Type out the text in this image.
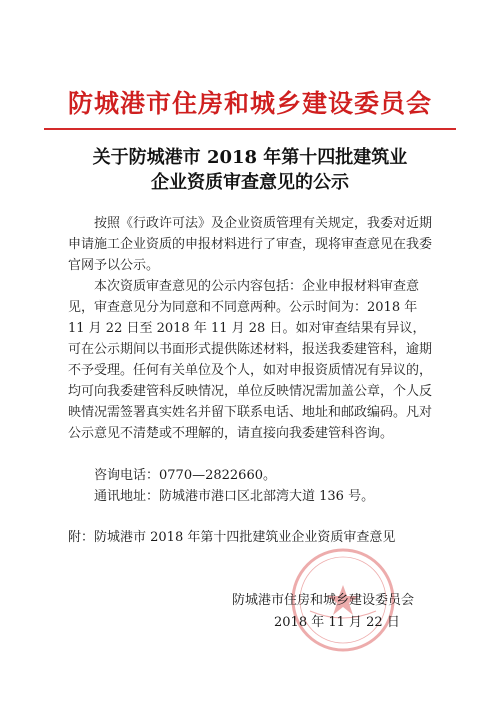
防城港市住房和城乡建设委员会
关于防城港市 2018 年第十四批建筑业
企业资质审查意见的公示
按照《行政许可法》及企业资质管理有关规定，我委对近期申请施工企业资质的申报材料进行了审查，现将审查意见在我委官网予以公示。
本次资质审查意见的公示内容包括：企业申报材料审查意见，审查意见分为同意和不同意两种。公示时间为：2018 年 11 月 22 日至 2018 年 11 月 28 日。如对审查结果有异议，可在公示期间以书面形式提供陈述材料，报送我委建管科，逾期不予受理。任何有关单位及个人，如对申报资质情况有异议的，均可向我委建管科反映情况，单位反映情况需加盖公章，个人反映情况需签署真实姓名并留下联系电话、地址和邮政编码。凡对公示意见不清楚或不理解的，请直接向我委建管科咨询。
咨询电话：0770—2822660。
通讯地址：防城港市港口区北部湾大道 136 号。
附：防城港市 2018 年第十四批建筑业企业资质审查意见
防城港市住房和城乡建设委员会
2018 年 11 月 22 日
